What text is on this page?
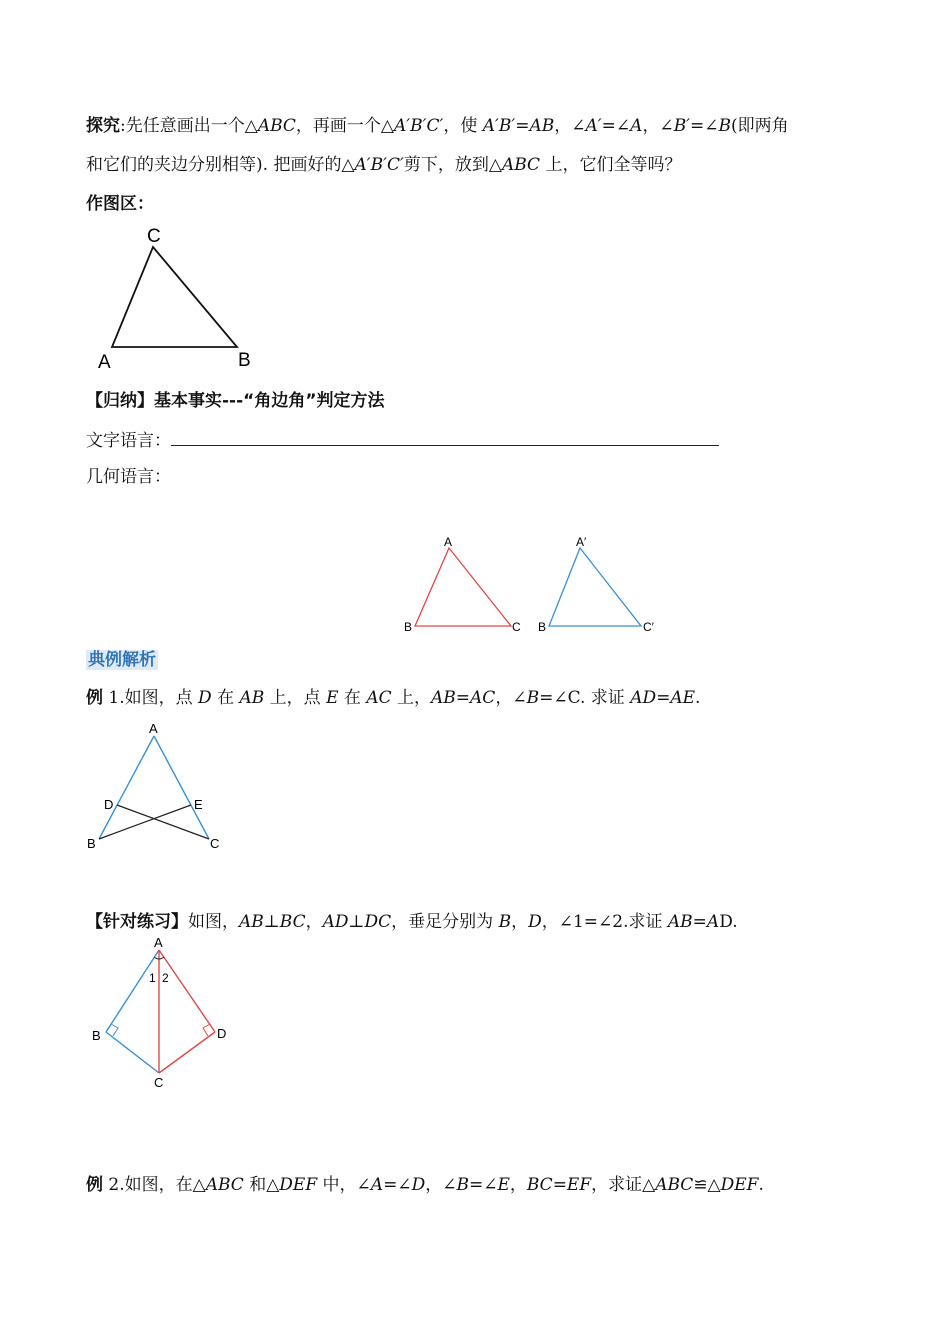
探究:先任意画出一个△ABC，再画一个△A′B′C′，使 A′B′=AB，∠A′=∠A，∠B′=∠B(即两角
和它们的夹边分别相等). 把画好的△A′B′C′剪下，放到△ABC 上，它们全等吗？
作图区：
C
A	B
【归纳】基本事实---“角边角”判定方法
文字语言：
几何语言：
A
B	C
A′
B	C′
典例解析
例 1.如图，点 D 在 AB 上，点 E 在 AC 上，AB=AC，∠B=∠C. 求证 AD=AE.
A
D	E
B	C
【针对练习】如图，AB⊥BC，AD⊥DC，垂足分别为 B，D，∠1=∠2.求证 AB=AD.
A
1 2
B	D
C
例 2.如图，在△ABC 和△DEF 中，∠A=∠D，∠B=∠E，BC=EF，求证△ABC≌△DEF.
